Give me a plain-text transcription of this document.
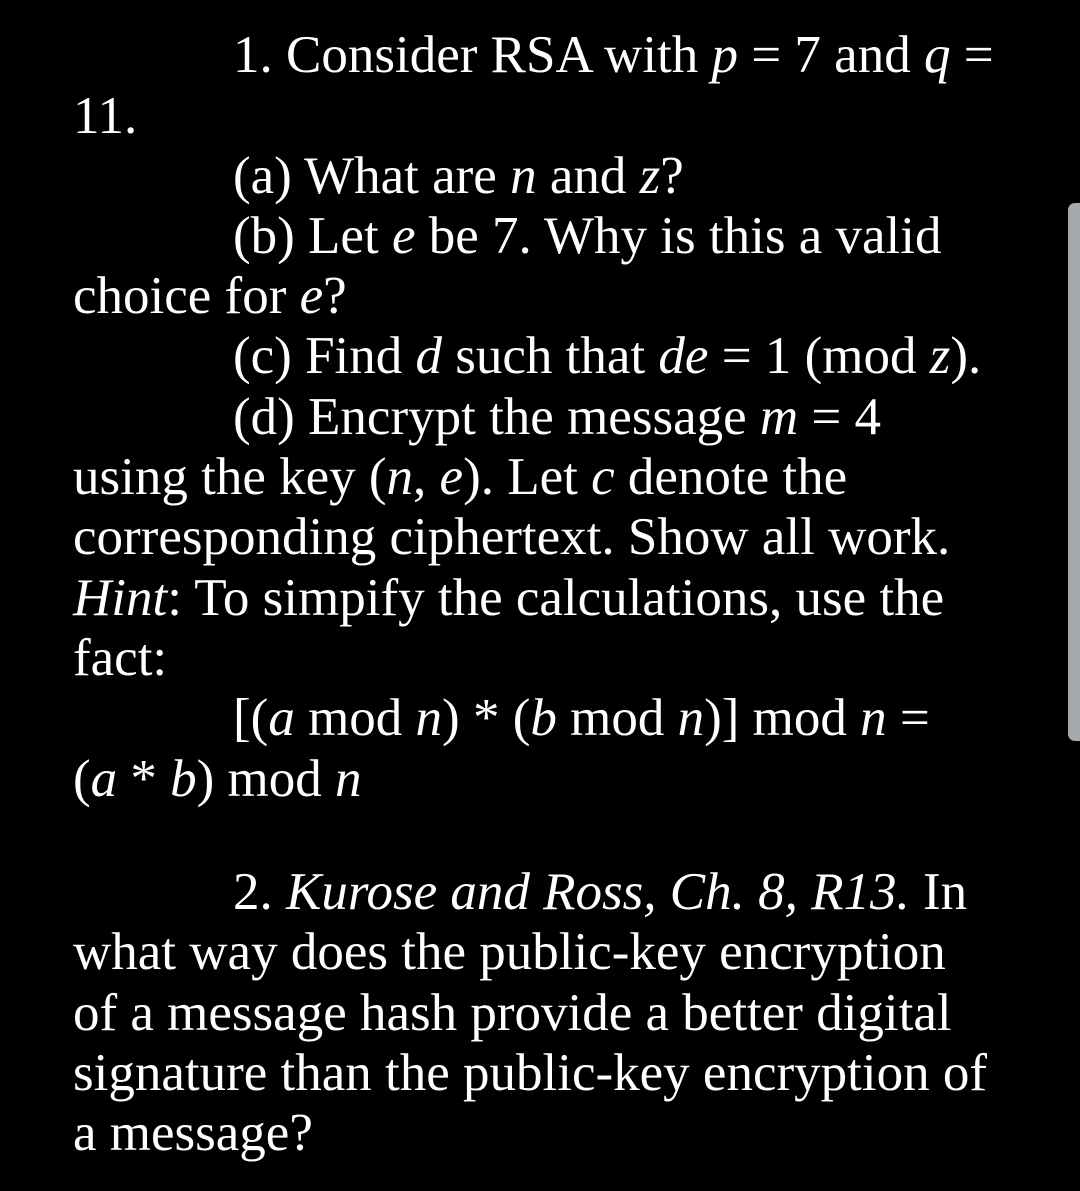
1. Consider RSA with p = 7 and q =
11.
(a) What are n and z?
(b) Let e be 7. Why is this a valid
choice for e?
(c) Find d such that de = 1 (mod z).
(d) Encrypt the message m = 4
using the key (n, e). Let c denote the
corresponding ciphertext. Show all work.
Hint: To simpify the calculations, use the
fact:
[(a mod n) * (b mod n)] mod n =
(a * b) mod n
2. Kurose and Ross, Ch. 8, R13. In
what way does the public-key encryption
of a message hash provide a better digital
signature than the public-key encryption of
a message?
